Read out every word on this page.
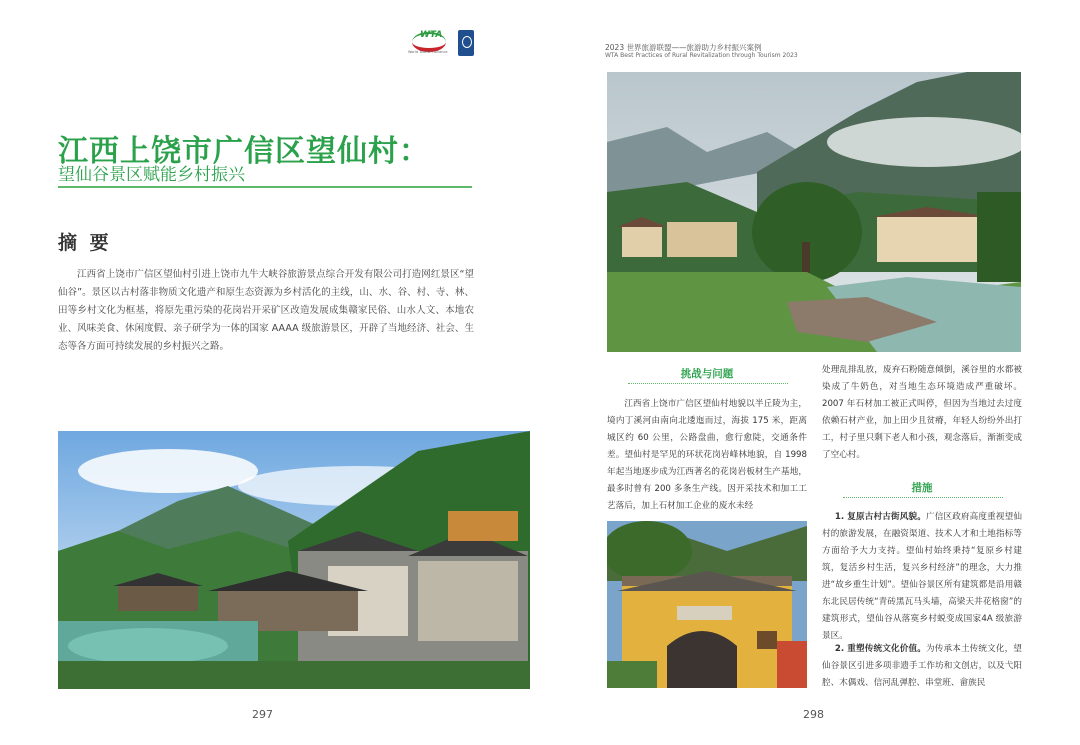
WTA
World Tourism Alliance
江西上饶市广信区望仙村：
望仙谷景区赋能乡村振兴
摘 要
江西省上饶市广信区望仙村引进上饶市九牛大峡谷旅游景点综合开发有限公司打造网红景区“望仙谷”。景区以古村落非物质文化遗产和原生态资源为乡村活化的主线，山、水、谷、村、寺、林、田等乡村文化为框基，将原先重污染的花岗岩开采矿区改造发展成集赣家民俗、山水人文、本地农业、风味美食、休闲度假、亲子研学为一体的国家 AAAA 级旅游景区，开辟了当地经济、社会、生态等各方面可持续发展的乡村振兴之路。
297
2023 世界旅游联盟——旅游助力乡村振兴案例
WTA Best Practices of Rural Revitalization through Tourism 2023
挑战与问题
江西省上饶市广信区望仙村地貌以半丘陵为主，境内丁溪河由南向北逶迤而过，海拔 175 米，距离城区约 60 公里，公路盘曲，愈行愈陡，交通条件差。望仙村是罕见的环状花岗岩峰林地貌，自 1998 年起当地逐步成为江西著名的花岗岩板材生产基地，最多时曾有 200 多条生产线。因开采技术和加工工艺落后，加上石材加工企业的废水未经
处理乱排乱放，废弃石粉随意倾倒，溪谷里的水都被染成了牛奶色，对当地生态环境造成严重破坏。2007 年石材加工被正式叫停，但因为当地过去过度依赖石材产业，加上田少且贫瘠，年轻人纷纷外出打工，村子里只剩下老人和小孩，观念落后，渐渐变成了空心村。
措施
1. 复原古村古街风貌。广信区政府高度重视望仙村的旅游发展，在融资渠道、技术人才和土地指标等方面给予大力支持。望仙村始终秉持“复原乡村建筑，复活乡村生活，复兴乡村经济”的理念，大力推进“故乡重生计划”。望仙谷景区所有建筑都是沿用赣东北民居传统“青砖黑瓦马头墙，高梁天井花格窗”的建筑形式，望仙谷从落寞乡村蜕变成国家4A 级旅游景区。
2. 重塑传统文化价值。为传承本土传统文化，望仙谷景区引进多项非遗手工作坊和文创店，以及弋阳腔、木偶戏、信河乱弹腔、串堂班、畲族民
298
